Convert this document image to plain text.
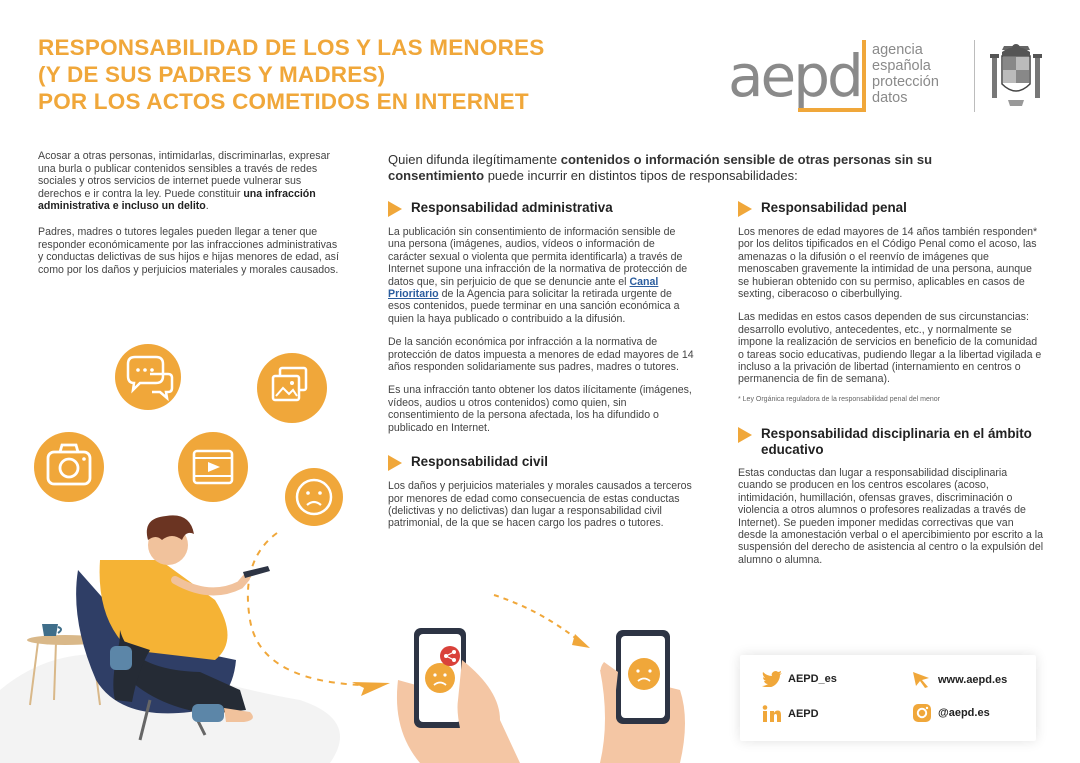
RESPONSABILIDAD DE LOS Y LAS MENORES
(Y DE SUS PADRES Y MADRES)
POR LOS ACTOS COMETIDOS EN INTERNET	aepd agencia
española
protección
datos

Acosar a otras personas, intimidarlas, discriminarlas, expresar una burla o publicar contenidos sensibles a través de redes sociales y otros servicios de internet puede vulnerar sus derechos e ir contra la ley. Puede constituir una infracción administrativa e incluso un delito.

Padres, madres o tutores legales pueden llegar a tener que responder económicamente por las infracciones administrativas y conductas delictivas de sus hijos e hijas menores de edad, así como por los daños y perjuicios materiales y morales causados.

Quien difunda ilegítimamente contenidos o información sensible de otras personas sin su consentimiento puede incurrir en distintos tipos de responsabilidades:
Responsabilidad administrativa

La publicación sin consentimiento de información sensible de una persona (imágenes, audios, vídeos o información de carácter sexual o violenta que permita identificarla) a través de Internet supone una infracción de la normativa de protección de datos que, sin perjuicio de que se denuncie ante el Canal Prioritario de la Agencia para solicitar la retirada urgente de esos contenidos, puede terminar en una sanción económica a quien la haya publicado o contribuido a la difusión.

De la sanción económica por infracción a la normativa de protección de datos impuesta a menores de edad mayores de 14 años responden solidariamente sus padres, madres o tutores.

Es una infracción tanto obtener los datos ilícitamente (imágenes, vídeos, audios u otros contenidos) como quien, sin consentimiento de la persona afectada, los ha difundido o publicado en Internet.

Responsabilidad civil

Los daños y perjuicios materiales y morales causados a terceros por menores de edad como consecuencia de estas conductas (delictivas y no delictivas) dan lugar a responsabilidad civil patrimonial, de la que se hacen cargo los padres o tutores.

Responsabilidad penal

Los menores de edad mayores de 14 años también responden* por los delitos tipificados en el Código Penal como el acoso, las amenazas o la difusión o el reenvío de imágenes que menoscaben gravemente la intimidad de una persona, aunque se hubieran obtenido con su permiso, aplicables en casos de sexting, ciberacoso o ciberbullying.

Las medidas en estos casos dependen de sus circunstancias: desarrollo evolutivo, antecedentes, etc., y normalmente se impone la realización de servicios en beneficio de la comunidad o tareas socio educativas, pudiendo llegar a la libertad vigilada e incluso a la privación de libertad (internamiento en centros o permanencia de fin de semana).

* Ley Orgánica reguladora de la responsabilidad penal del menor

Responsabilidad disciplinaria en el ámbito educativo

Estas conductas dan lugar a responsabilidad disciplinaria cuando se producen en los centros escolares (acoso, intimidación, humillación, ofensas graves, discriminación o violencia a otros alumnos o profesores realizadas a través de Internet). Se pueden imponer medidas correctivas que van desde la amonestación verbal o el apercibimiento por escrito a la suspensión del derecho de asistencia al centro o la expulsión del alumno o alumna.

AEPD_es	www.aepd.es
AEPD	@aepd.es
